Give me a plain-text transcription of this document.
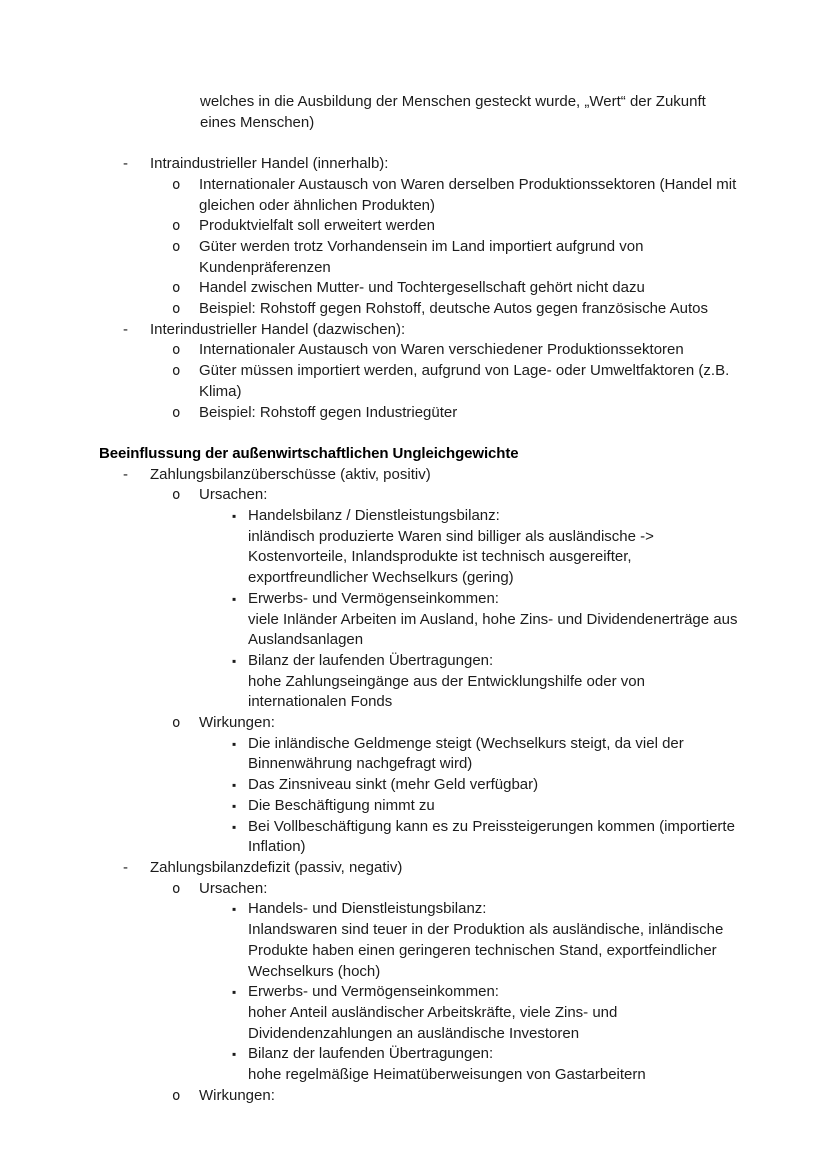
welches in die Ausbildung der Menschen gesteckt wurde, „Wert“ der Zukunft
eines Menschen)
- Intraindustrieller Handel (innerhalb):
o Internationaler Austausch von Waren derselben Produktionssektoren (Handel mit
gleichen oder ähnlichen Produkten)
o Produktvielfalt soll erweitert werden
o Güter werden trotz Vorhandensein im Land importiert aufgrund von
Kundenpräferenzen
o Handel zwischen Mutter- und Tochtergesellschaft gehört nicht dazu
o Beispiel: Rohstoff gegen Rohstoff, deutsche Autos gegen französische Autos
- Interindustrieller Handel (dazwischen):
o Internationaler Austausch von Waren verschiedener Produktionssektoren
o Güter müssen importiert werden, aufgrund von Lage- oder Umweltfaktoren (z.B.
Klima)
o Beispiel: Rohstoff gegen Industriegüter
Beeinflussung der außenwirtschaftlichen Ungleichgewichte
- Zahlungsbilanzüberschüsse (aktiv, positiv)
o Ursachen:
▪ Handelsbilanz / Dienstleistungsbilanz:
inländisch produzierte Waren sind billiger als ausländische ->
Kostenvorteile, Inlandsprodukte ist technisch ausgereifter,
exportfreundlicher Wechselkurs (gering)
▪ Erwerbs- und Vermögenseinkommen:
viele Inländer Arbeiten im Ausland, hohe Zins- und Dividendenerträge aus
Auslandsanlagen
▪ Bilanz der laufenden Übertragungen:
hohe Zahlungseingänge aus der Entwicklungshilfe oder von
internationalen Fonds
o Wirkungen:
▪ Die inländische Geldmenge steigt (Wechselkurs steigt, da viel der
Binnenwährung nachgefragt wird)
▪ Das Zinsniveau sinkt (mehr Geld verfügbar)
▪ Die Beschäftigung nimmt zu
▪ Bei Vollbeschäftigung kann es zu Preissteigerungen kommen (importierte
Inflation)
- Zahlungsbilanzdefizit (passiv, negativ)
o Ursachen:
▪ Handels- und Dienstleistungsbilanz:
Inlandswaren sind teuer in der Produktion als ausländische, inländische
Produkte haben einen geringeren technischen Stand, exportfeindlicher
Wechselkurs (hoch)
▪ Erwerbs- und Vermögenseinkommen:
hoher Anteil ausländischer Arbeitskräfte, viele Zins- und
Dividendenzahlungen an ausländische Investoren
▪ Bilanz der laufenden Übertragungen:
hohe regelmäßige Heimatüberweisungen von Gastarbeitern
o Wirkungen:
